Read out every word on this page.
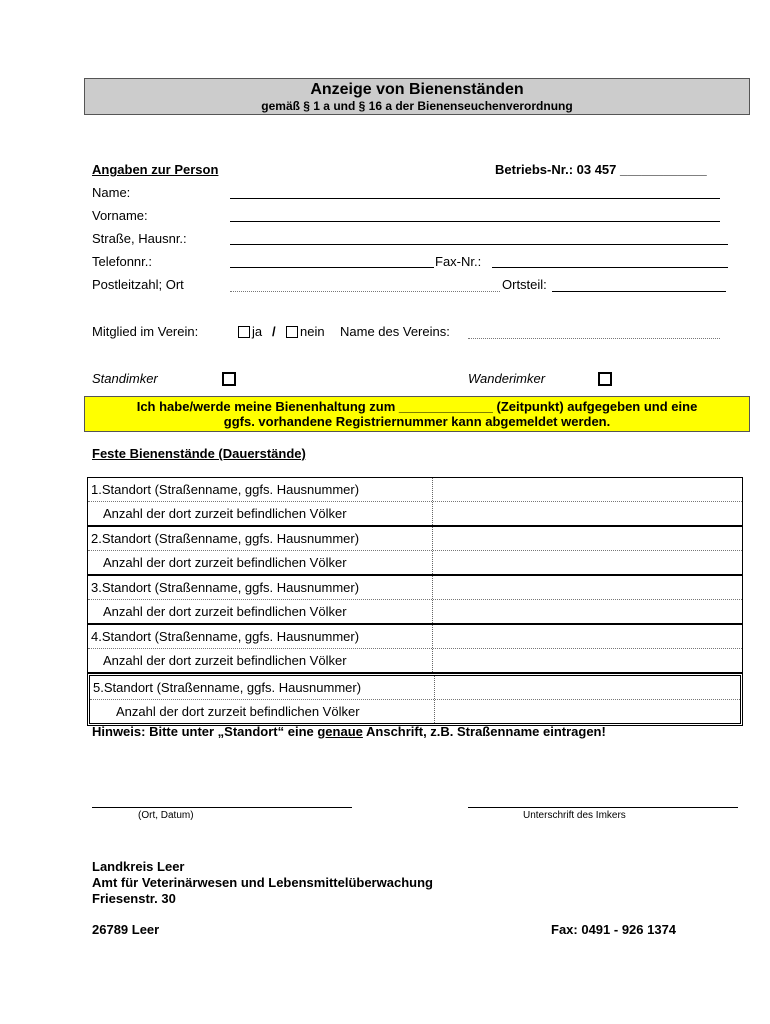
Anzeige von Bienenständen
gemäß § 1 a und § 16 a der Bienenseuchenverordnung
Angaben zur Person	Betriebs-Nr.: 03 457 ____________
Name:
Vorname:
Straße, Hausnr.:
Telefonnr.:	Fax-Nr.:
Postleitzahl; Ort	Ortsteil:
Mitglied im Verein:	ja / nein Name des Vereins:
Standimker	Wanderimker
Ich habe/werde meine Bienenhaltung zum _____________ (Zeitpunkt) aufgegeben und eine
ggfs. vorhandene Registriernummer kann abgemeldet werden.
Feste Bienenstände (Dauerstände)
1.Standort (Straßenname, ggfs. Hausnummer)
Anzahl der dort zurzeit befindlichen Völker
2.Standort (Straßenname, ggfs. Hausnummer)
Anzahl der dort zurzeit befindlichen Völker
3.Standort (Straßenname, ggfs. Hausnummer)
Anzahl der dort zurzeit befindlichen Völker
4.Standort (Straßenname, ggfs. Hausnummer)
Anzahl der dort zurzeit befindlichen Völker
5.Standort (Straßenname, ggfs. Hausnummer)
Anzahl der dort zurzeit befindlichen Völker
Hinweis: Bitte unter „Standort“ eine genaue Anschrift, z.B. Straßenname eintragen!
(Ort, Datum)	Unterschrift des Imkers
Landkreis Leer
Amt für Veterinärwesen und Lebensmittelüberwachung
Friesenstr. 30
26789 Leer	Fax: 0491 - 926 1374
